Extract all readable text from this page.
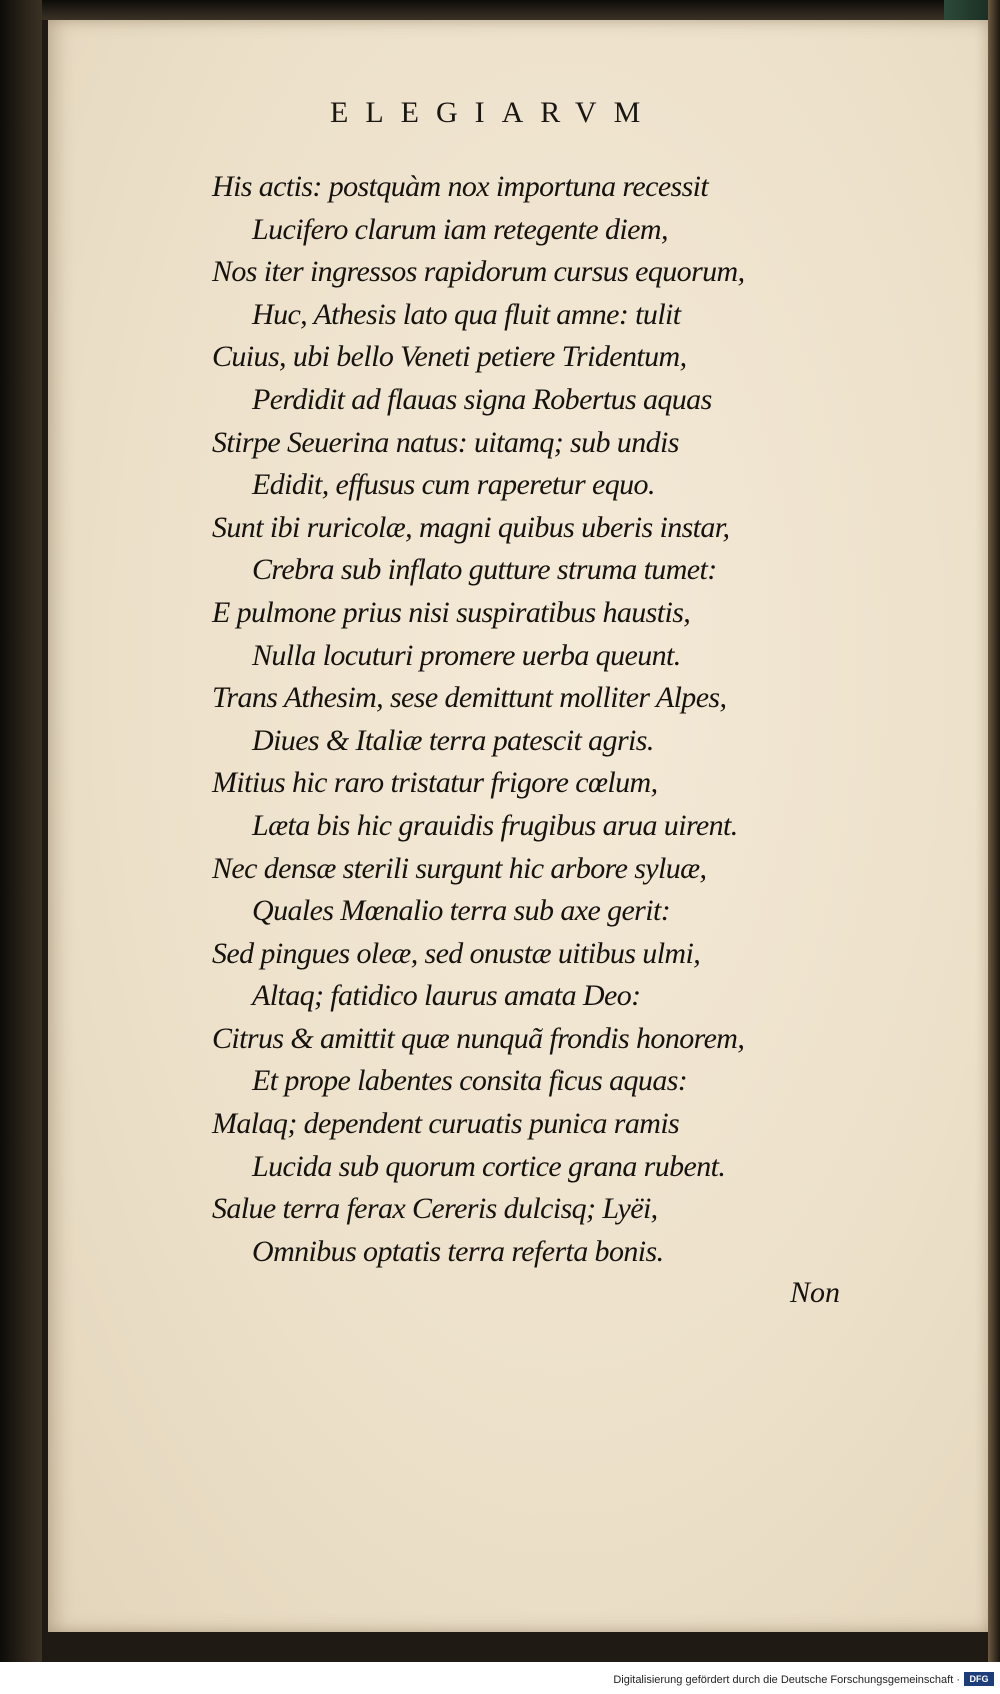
ELEGIARVM
His actis: postquàm nox importuna recessit
Lucifero clarum iam retegente diem,
Nos iter ingressos rapidorum cursus equorum,
Huc, Athesis lato qua fluit amne: tulit
Cuius, ubi bello Veneti petiere Tridentum,
Perdidit ad flauas signa Robertus aquas
Stirpe Seuerina natus: uitamq; sub undis
Edidit, effusus cum raperetur equo.
Sunt ibi ruricolæ, magni quibus uberis instar,
Crebra sub inflato gutture struma tumet:
E pulmone prius nisi suspiratibus haustis,
Nulla locuturi promere uerba queunt.
Trans Athesim, sese demittunt molliter Alpes,
Diues & Italiæ terra patescit agris.
Mitius hic raro tristatur frigore cœlum,
Læta bis hic grauidis frugibus arua uirent.
Nec densæ sterili surgunt hic arbore syluæ,
Quales Mœnalio terra sub axe gerit:
Sed pingues oleæ, sed onustæ uitibus ulmi,
Altaq; fatidico laurus amata Deo:
Citrus & amittit quæ nunquã frondis honorem,
Et prope labentes consita ficus aquas:
Malaq; dependent curuatis punica ramis
Lucida sub quorum cortice grana rubent.
Salue terra ferax Cereris dulcisq; Lyëi,
Omnibus optatis terra referta bonis.
Non
Digitalisierung gefördert durch die Deutsche Forschungsgemeinschaft ·	DFG
